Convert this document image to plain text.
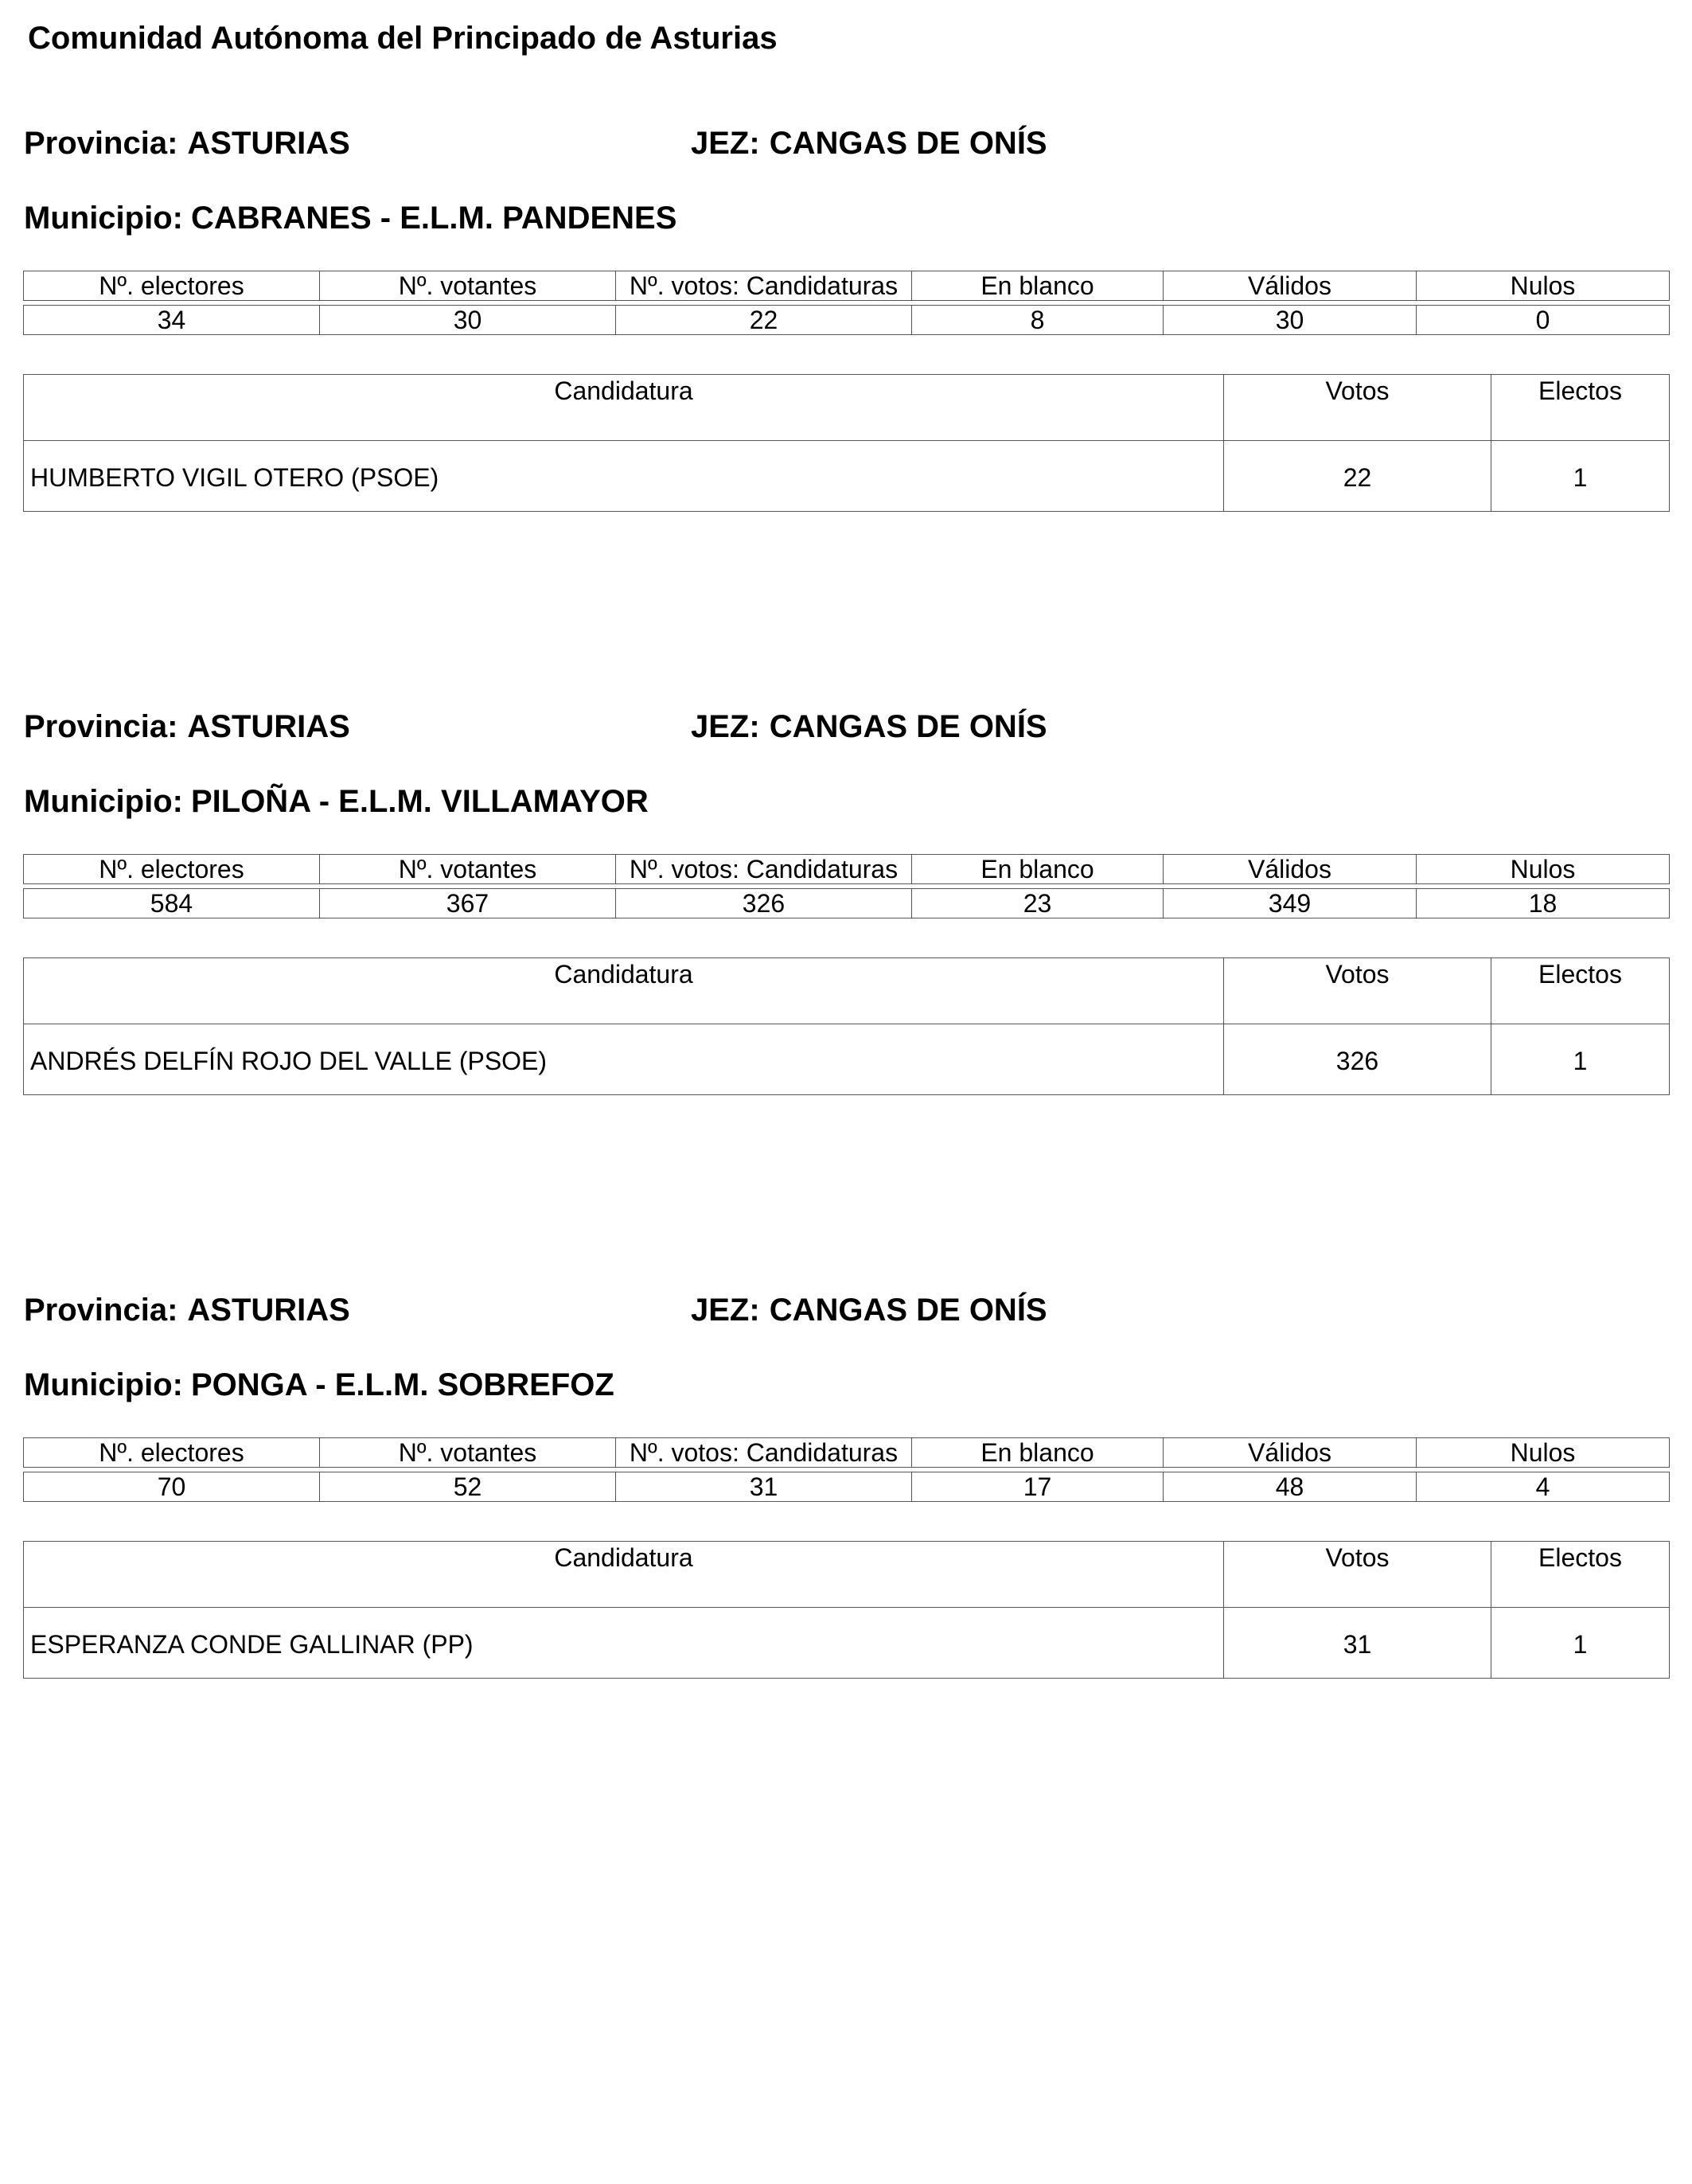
Comunidad Autónoma del Principado de Asturias
Provincia: ASTURIAS	JEZ: CANGAS DE ONÍS
Municipio: CABRANES - E.L.M. PANDENES
Nº. electores	Nº. votantes	Nº. votos: Candidaturas	En blanco	Válidos	Nulos

34	30	22	8	30	0
Candidatura	Votos	Electos
HUMBERTO VIGIL OTERO (PSOE)	22	1
Provincia: ASTURIAS	JEZ: CANGAS DE ONÍS
Municipio: PILOÑA - E.L.M. VILLAMAYOR
Nº. electores	Nº. votantes	Nº. votos: Candidaturas	En blanco	Válidos	Nulos

584	367	326	23	349	18
Candidatura	Votos	Electos
ANDRÉS DELFÍN ROJO DEL VALLE (PSOE)	326	1
Provincia: ASTURIAS	JEZ: CANGAS DE ONÍS
Municipio: PONGA - E.L.M. SOBREFOZ
Nº. electores	Nº. votantes	Nº. votos: Candidaturas	En blanco	Válidos	Nulos

70	52	31	17	48	4
Candidatura	Votos	Electos
ESPERANZA CONDE GALLINAR (PP)	31	1
